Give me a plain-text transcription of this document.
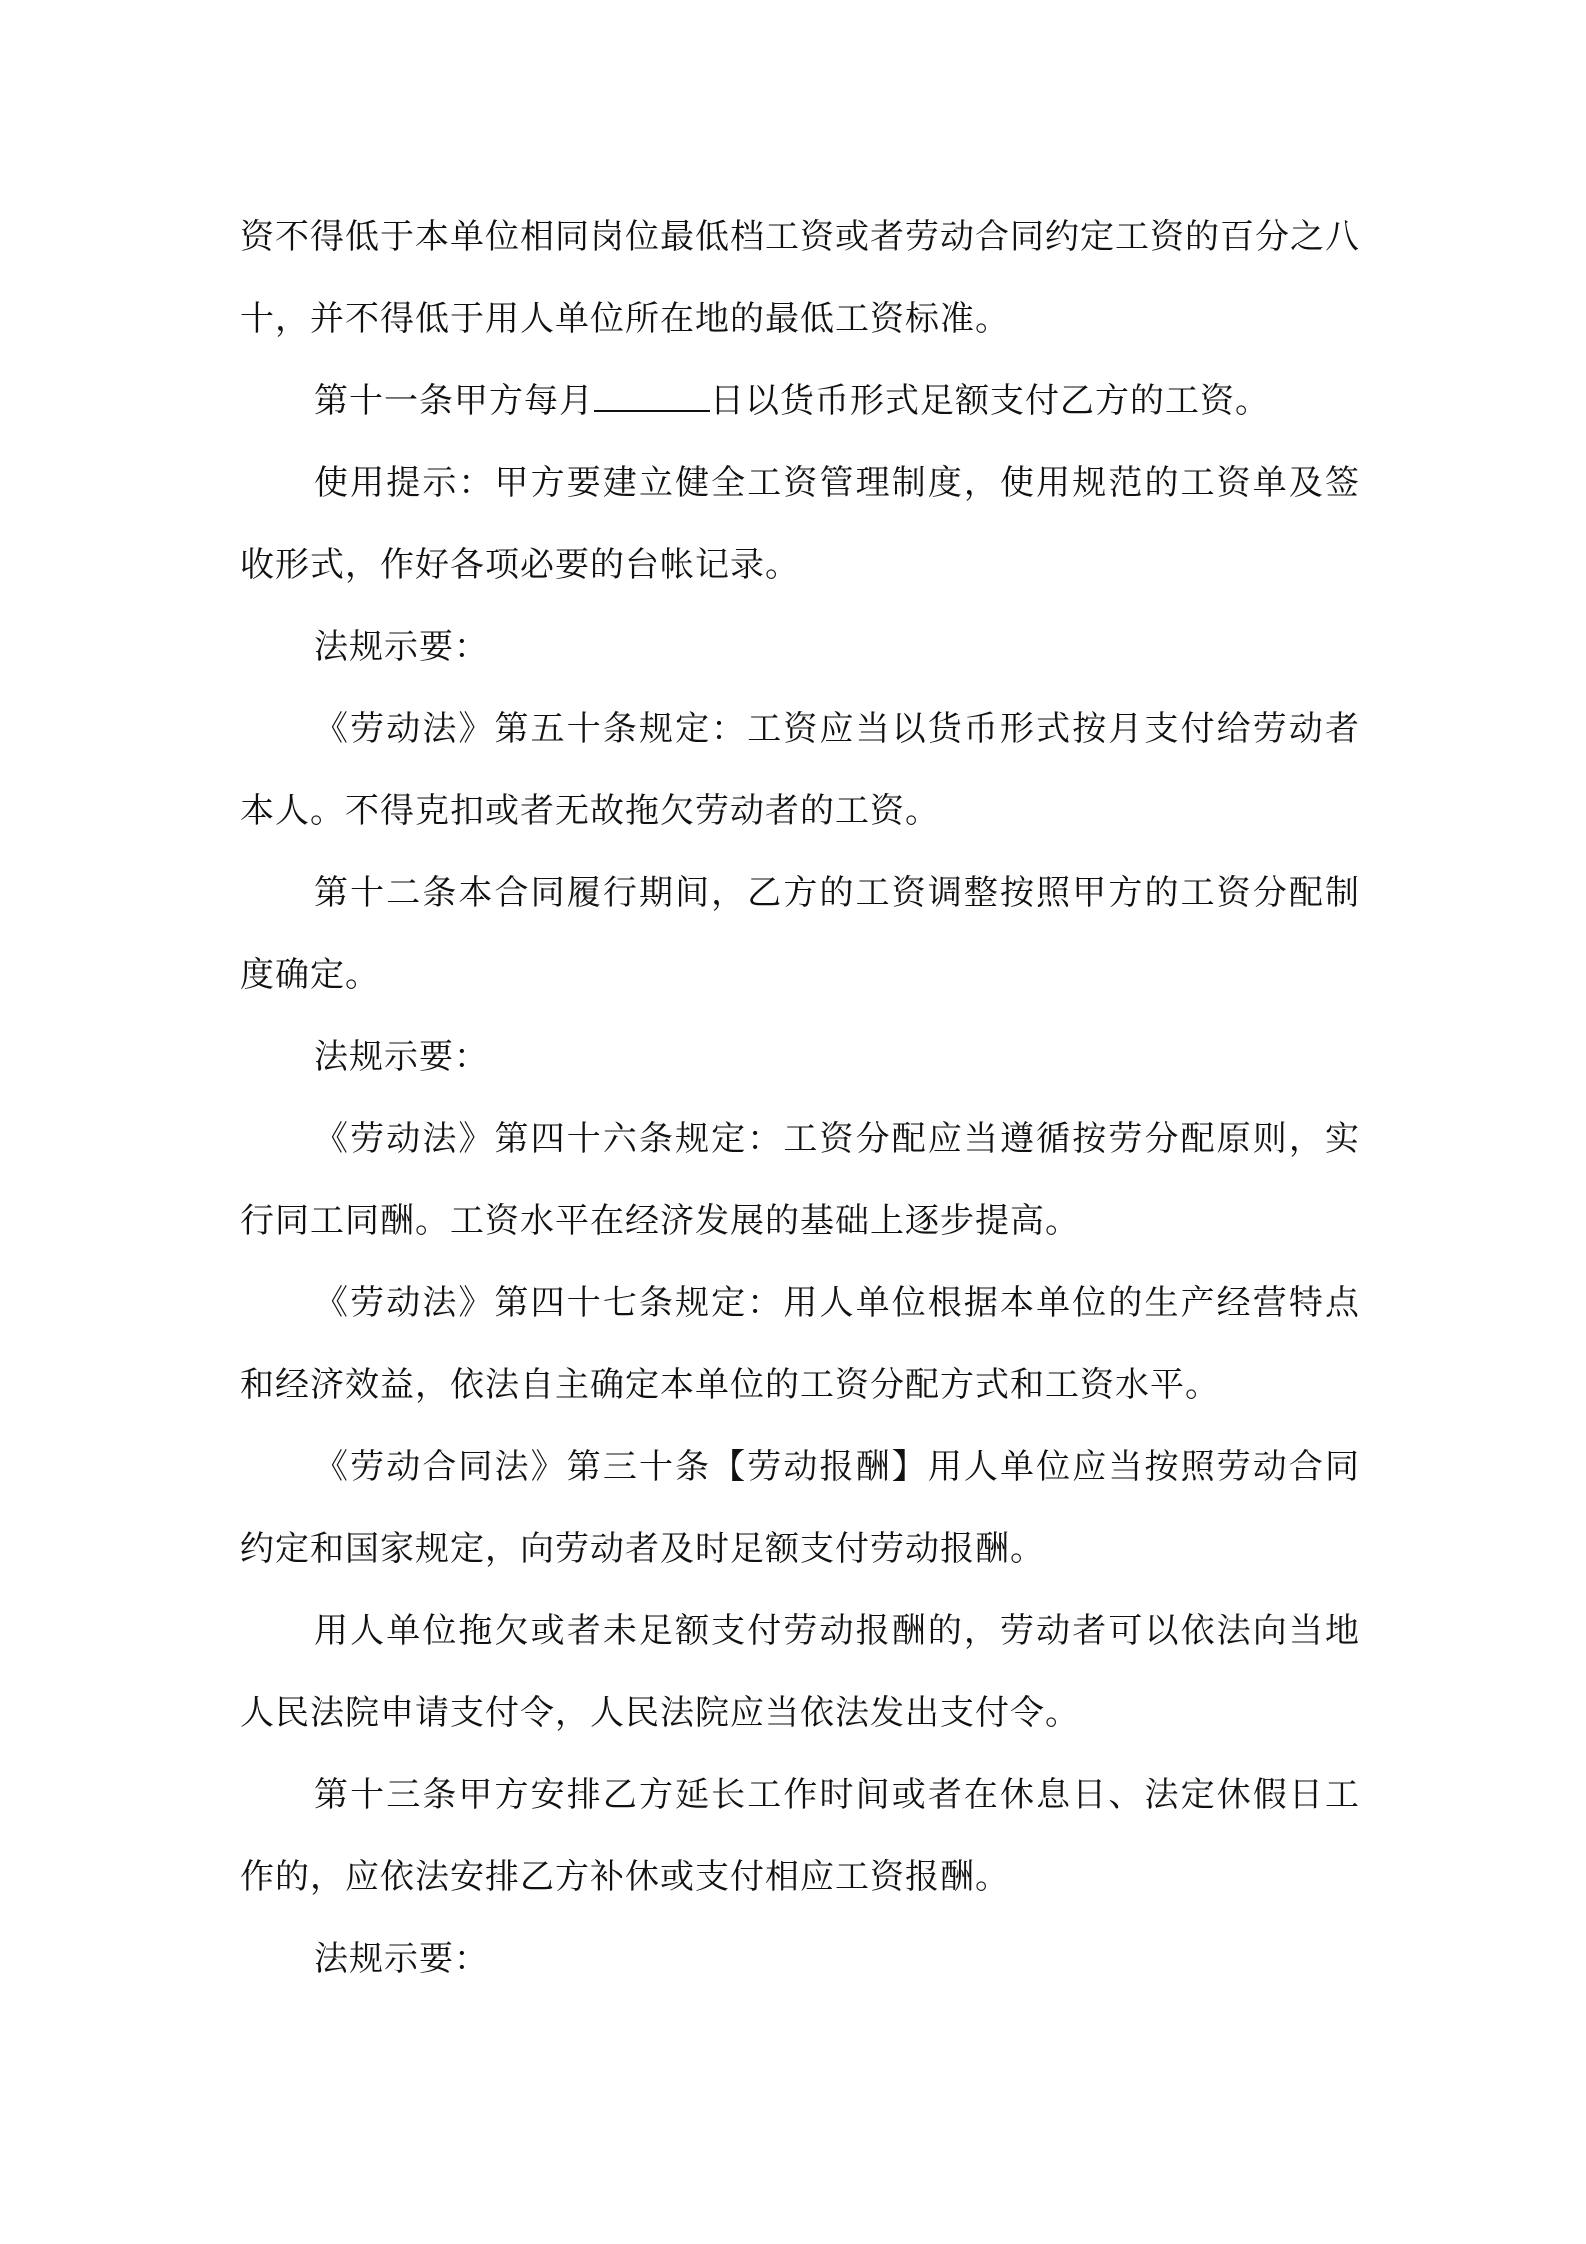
资不得低于本单位相同岗位最低档工资或者劳动合同约定工资的百分之八十，并不得低于用人单位所在地的最低工资标准。

第十一条甲方每月	日以货币形式足额支付乙方的工资。

使用提示：甲方要建立健全工资管理制度，使用规范的工资单及签收形式，作好各项必要的台帐记录。

法规示要：

《劳动法》第五十条规定：工资应当以货币形式按月支付给劳动者本人。不得克扣或者无故拖欠劳动者的工资。

第十二条本合同履行期间，乙方的工资调整按照甲方的工资分配制度确定。

法规示要：

《劳动法》第四十六条规定：工资分配应当遵循按劳分配原则，实行同工同酬。工资水平在经济发展的基础上逐步提高。

《劳动法》第四十七条规定：用人单位根据本单位的生产经营特点和经济效益，依法自主确定本单位的工资分配方式和工资水平。

《劳动合同法》第三十条【劳动报酬】用人单位应当按照劳动合同约定和国家规定，向劳动者及时足额支付劳动报酬。

用人单位拖欠或者未足额支付劳动报酬的，劳动者可以依法向当地人民法院申请支付令，人民法院应当依法发出支付令。

第十三条甲方安排乙方延长工作时间或者在休息日、法定休假日工作的，应依法安排乙方补休或支付相应工资报酬。

法规示要：
